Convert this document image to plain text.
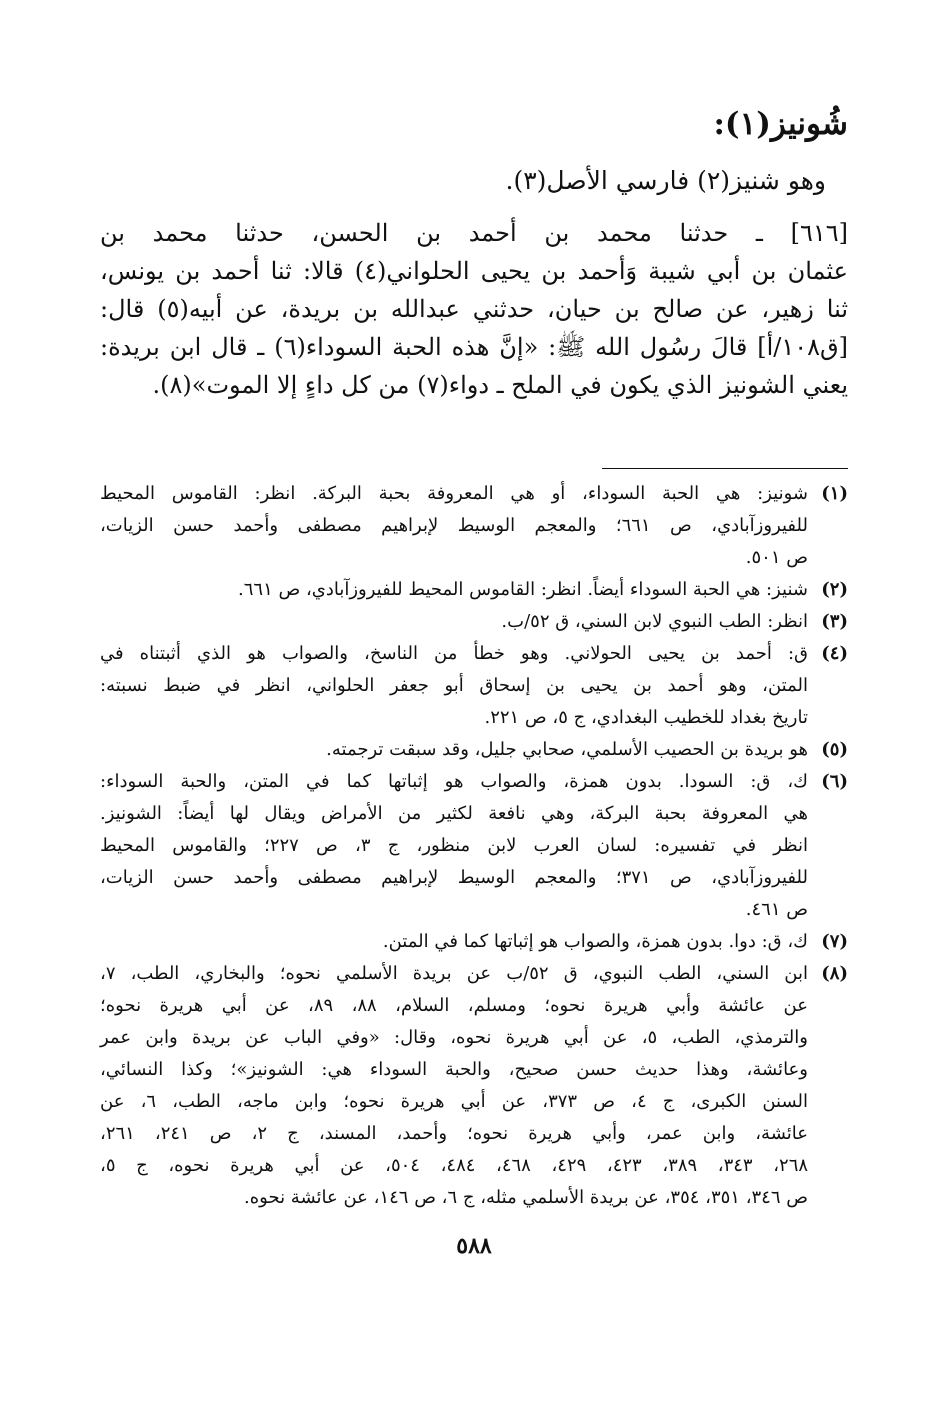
شُونيز(١):
وهو شنيز(٢) فارسي الأصل(٣).
[٦١٦] ـ حدثنا محمد بن أحمد بن الحسن، حدثنا محمد بن
عثمان بن أبي شيبة وَأحمد بن يحيى الحلواني(٤) قالا: ثنا أحمد بن يونس،
ثنا زهير، عن صالح بن حيان، حدثني عبدالله بن بريدة، عن أبيه(٥) قال:
[ق١٠٨/أ] قالَ رسُول الله ﷺ: «إنَّ هذه الحبة السوداء(٦) ـ قال ابن بريدة:
يعني الشونيز الذي يكون في الملح ـ دواء(٧) من كل داءٍ إلا الموت»(٨).
(١)
شونيز: هي الحبة السوداء، أو هي المعروفة بحبة البركة. انظر: القاموس المحيط
للفيروزآبادي، ص ٦٦١؛ والمعجم الوسيط لإبراهيم مصطفى وأحمد حسن الزيات،
ص ٥٠١.
(٢)
شنيز: هي الحبة السوداء أيضاً. انظر: القاموس المحيط للفيروزآبادي، ص ٦٦١.
(٣)
انظر: الطب النبوي لابن السني، ق ٥٢/ب.
(٤)
ق: أحمد بن يحيى الحولاني. وهو خطأ من الناسخ، والصواب هو الذي أثبتناه في
المتن، وهو أحمد بن يحيى بن إسحاق أبو جعفر الحلواني، انظر في ضبط نسبته:
تاريخ بغداد للخطيب البغدادي، ج ٥، ص ٢٢١.
(٥)
هو بريدة بن الحصيب الأسلمي، صحابي جليل، وقد سبقت ترجمته.
(٦)
ك، ق: السودا. بدون همزة، والصواب هو إثباتها كما في المتن، والحبة السوداء:
هي المعروفة بحبة البركة، وهي نافعة لكثير من الأمراض ويقال لها أيضاً: الشونيز.
انظر في تفسيره: لسان العرب لابن منظور، ج ٣، ص ٢٢٧؛ والقاموس المحيط
للفيروزآبادي، ص ٣٧١؛ والمعجم الوسيط لإبراهيم مصطفى وأحمد حسن الزيات،
ص ٤٦١.
(٧)
ك، ق: دوا. بدون همزة، والصواب هو إثباتها كما في المتن.
(٨)
ابن السني، الطب النبوي، ق ٥٢/ب عن بريدة الأسلمي نحوه؛ والبخاري، الطب، ٧،
عن عائشة وأبي هريرة نحوه؛ ومسلم، السلام، ٨٨، ٨٩، عن أبي هريرة نحوه؛
والترمذي، الطب، ٥، عن أبي هريرة نحوه، وقال: «وفي الباب عن بريدة وابن عمر
وعائشة، وهذا حديث حسن صحيح، والحبة السوداء هي: الشونيز»؛ وكذا النسائي،
السنن الكبرى، ج ٤، ص ٣٧٣، عن أبي هريرة نحوه؛ وابن ماجه، الطب، ٦، عن
عائشة، وابن عمر، وأبي هريرة نحوه؛ وأحمد، المسند، ج ٢، ص ٢٤١، ٢٦١،
٢٦٨، ٣٤٣، ٣٨٩، ٤٢٣، ٤٢٩، ٤٦٨، ٤٨٤، ٥٠٤، عن أبي هريرة نحوه، ج ٥،
ص ٣٤٦، ٣٥١، ٣٥٤، عن بريدة الأسلمي مثله، ج ٦، ص ١٤٦، عن عائشة نحوه.
٥٨٨
